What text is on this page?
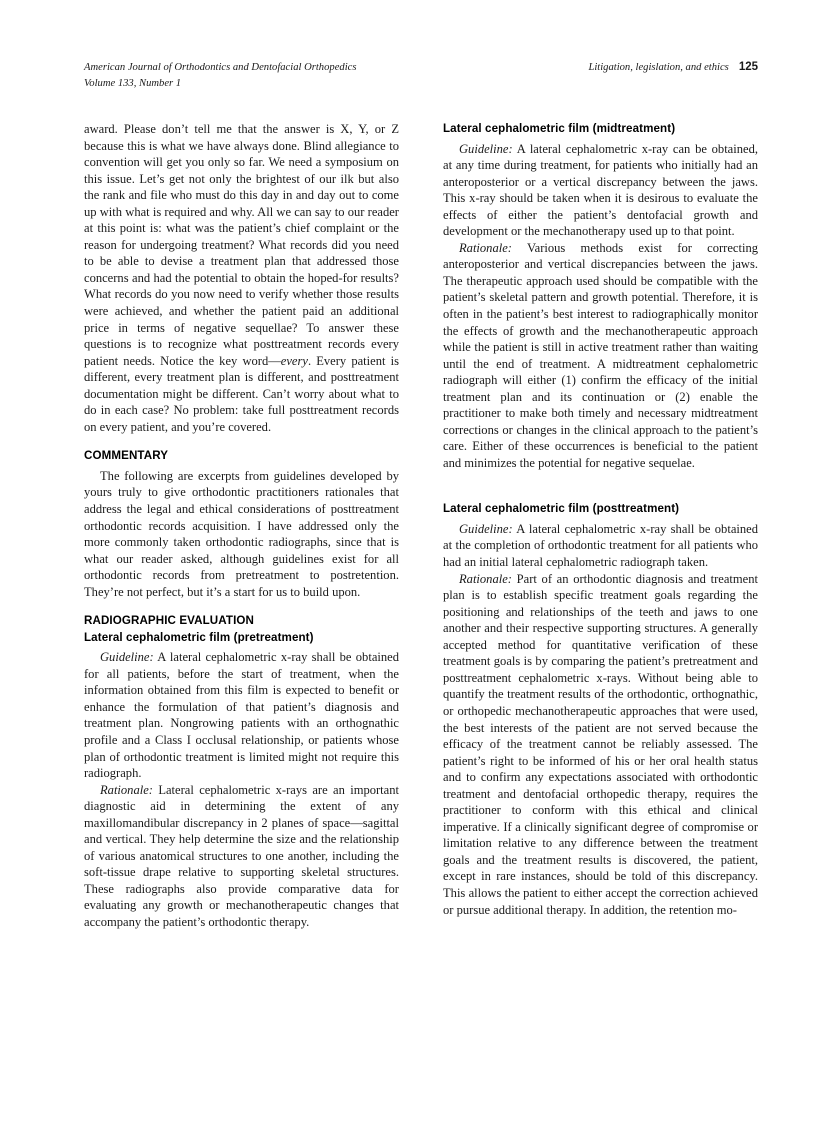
American Journal of Orthodontics and Dentofacial Orthopedics
Volume 133, Number 1
Litigation, legislation, and ethics 125

award. Please don’t tell me that the answer is X, Y, or Z because this is what we have always done. Blind allegiance to convention will get you only so far. We need a symposium on this issue. Let’s get not only the brightest of our ilk but also the rank and file who must do this day in and day out to come up with what is required and why. All we can say to our reader at this point is: what was the patient’s chief complaint or the reason for undergoing treatment? What records did you need to be able to devise a treatment plan that addressed those concerns and had the potential to obtain the hoped-for results? What records do you now need to verify whether those results were achieved, and whether the patient paid an additional price in terms of negative sequellae? To answer these questions is to recognize what posttreatment records every patient needs. Notice the key word—every. Every patient is different, every treatment plan is different, and posttreatment documentation might be different. Can’t worry about what to do in each case? No problem: take full posttreatment records on every patient, and you’re covered.

COMMENTARY

The following are excerpts from guidelines developed by yours truly to give orthodontic practitioners rationales that address the legal and ethical considerations of posttreatment orthodontic records acquisition. I have addressed only the more commonly taken orthodontic radiographs, since that is what our reader asked, although guidelines exist for all orthodontic records from pretreatment to postretention. They’re not perfect, but it’s a start for us to build upon.

RADIOGRAPHIC EVALUATION
Lateral cephalometric film (pretreatment)

Guideline: A lateral cephalometric x-ray shall be obtained for all patients, before the start of treatment, when the information obtained from this film is expected to benefit or enhance the formulation of that patient’s diagnosis and treatment plan. Nongrowing patients with an orthognathic profile and a Class I occlusal relationship, or patients whose plan of orthodontic treatment is limited might not require this radiograph.

Rationale: Lateral cephalometric x-rays are an important diagnostic aid in determining the extent of any maxillomandibular discrepancy in 2 planes of space—sagittal and vertical. They help determine the size and the relationship of various anatomical structures to one another, including the soft-tissue drape relative to supporting skeletal structures. These radiographs also provide comparative data for evaluating any growth or mechanotherapeutic changes that accompany the patient’s orthodontic therapy.

Lateral cephalometric film (midtreatment)

Guideline: A lateral cephalometric x-ray can be obtained, at any time during treatment, for patients who initially had an anteroposterior or a vertical discrepancy between the jaws. This x-ray should be taken when it is desirous to evaluate the effects of either the patient’s dentofacial growth and development or the mechanotherapy used up to that point.

Rationale: Various methods exist for correcting anteroposterior and vertical discrepancies between the jaws. The therapeutic approach used should be compatible with the patient’s skeletal pattern and growth potential. Therefore, it is often in the patient’s best interest to radiographically monitor the effects of growth and the mechanotherapeutic approach while the patient is still in active treatment rather than waiting until the end of treatment. A midtreatment cephalometric radiograph will either (1) confirm the efficacy of the initial treatment plan and its continuation or (2) enable the practitioner to make both timely and necessary midtreatment corrections or changes in the clinical approach to the patient’s care. Either of these occurrences is beneficial to the patient and minimizes the potential for negative sequelae.

Lateral cephalometric film (posttreatment)

Guideline: A lateral cephalometric x-ray shall be obtained at the completion of orthodontic treatment for all patients who had an initial lateral cephalometric radiograph taken.

Rationale: Part of an orthodontic diagnosis and treatment plan is to establish specific treatment goals regarding the positioning and relationships of the teeth and jaws to one another and their respective supporting structures. A generally accepted method for quantitative verification of these treatment goals is by comparing the patient’s pretreatment and posttreatment cephalometric x-rays. Without being able to quantify the treatment results of the orthodontic, orthognathic, or orthopedic mechanotherapeutic approaches that were used, the best interests of the patient are not served because the efficacy of the treatment cannot be reliably assessed. The patient’s right to be informed of his or her oral health status and to confirm any expectations associated with orthodontic treatment and dentofacial orthopedic therapy, requires the practitioner to conform with this ethical and clinical imperative. If a clinically significant degree of compromise or limitation relative to any difference between the treatment goals and the treatment results is discovered, the patient, except in rare instances, should be told of this discrepancy. This allows the patient to either accept the correction achieved or pursue additional therapy. In addition, the retention mo-
